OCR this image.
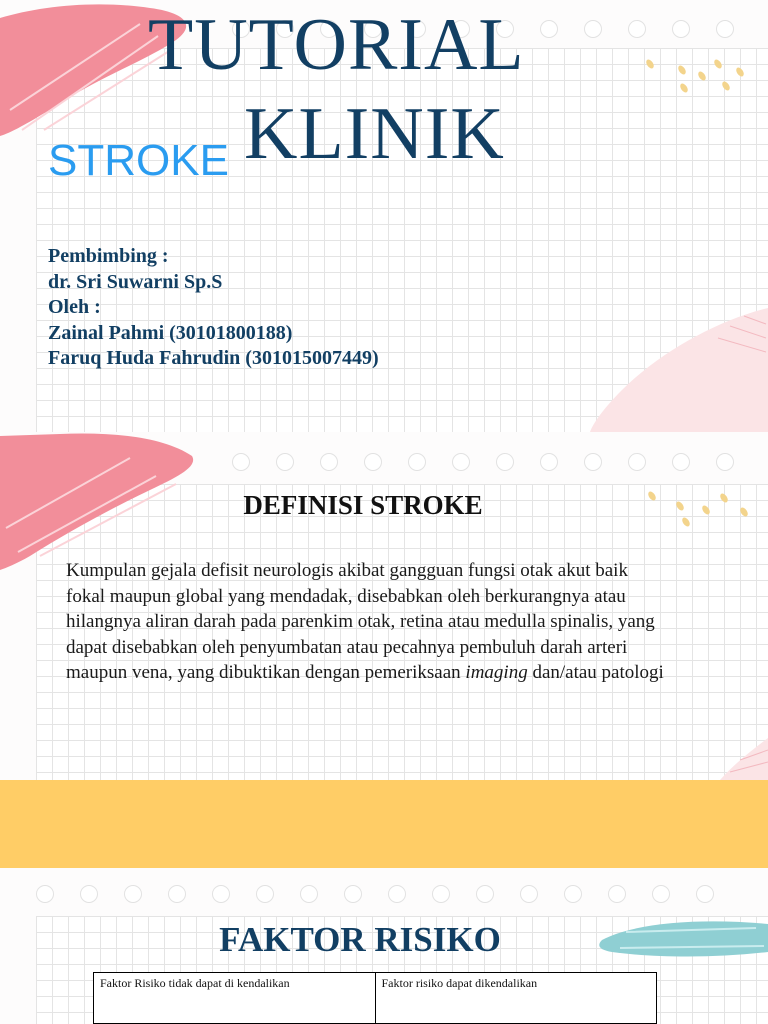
TUTORIAL
KLINIK
STROKE
Pembimbing :
dr. Sri Suwarni Sp.S
Oleh :
Zainal Pahmi (30101800188)
Faruq Huda Fahrudin (301015007449)
DEFINISI STROKE

Kumpulan gejala defisit neurologis akibat gangguan fungsi otak akut baik fokal maupun global yang mendadak, disebabkan oleh berkurangnya atau hilangnya aliran darah pada parenkim otak, retina atau medulla spinalis, yang dapat disebabkan oleh penyumbatan atau pecahnya pembuluh darah arteri maupun vena, yang dibuktikan dengan pemeriksaan imaging dan/atau patologi

FAKTOR RISIKO
Faktor Risiko tidak dapat di kendalikan	Faktor risiko dapat dikendalikan
